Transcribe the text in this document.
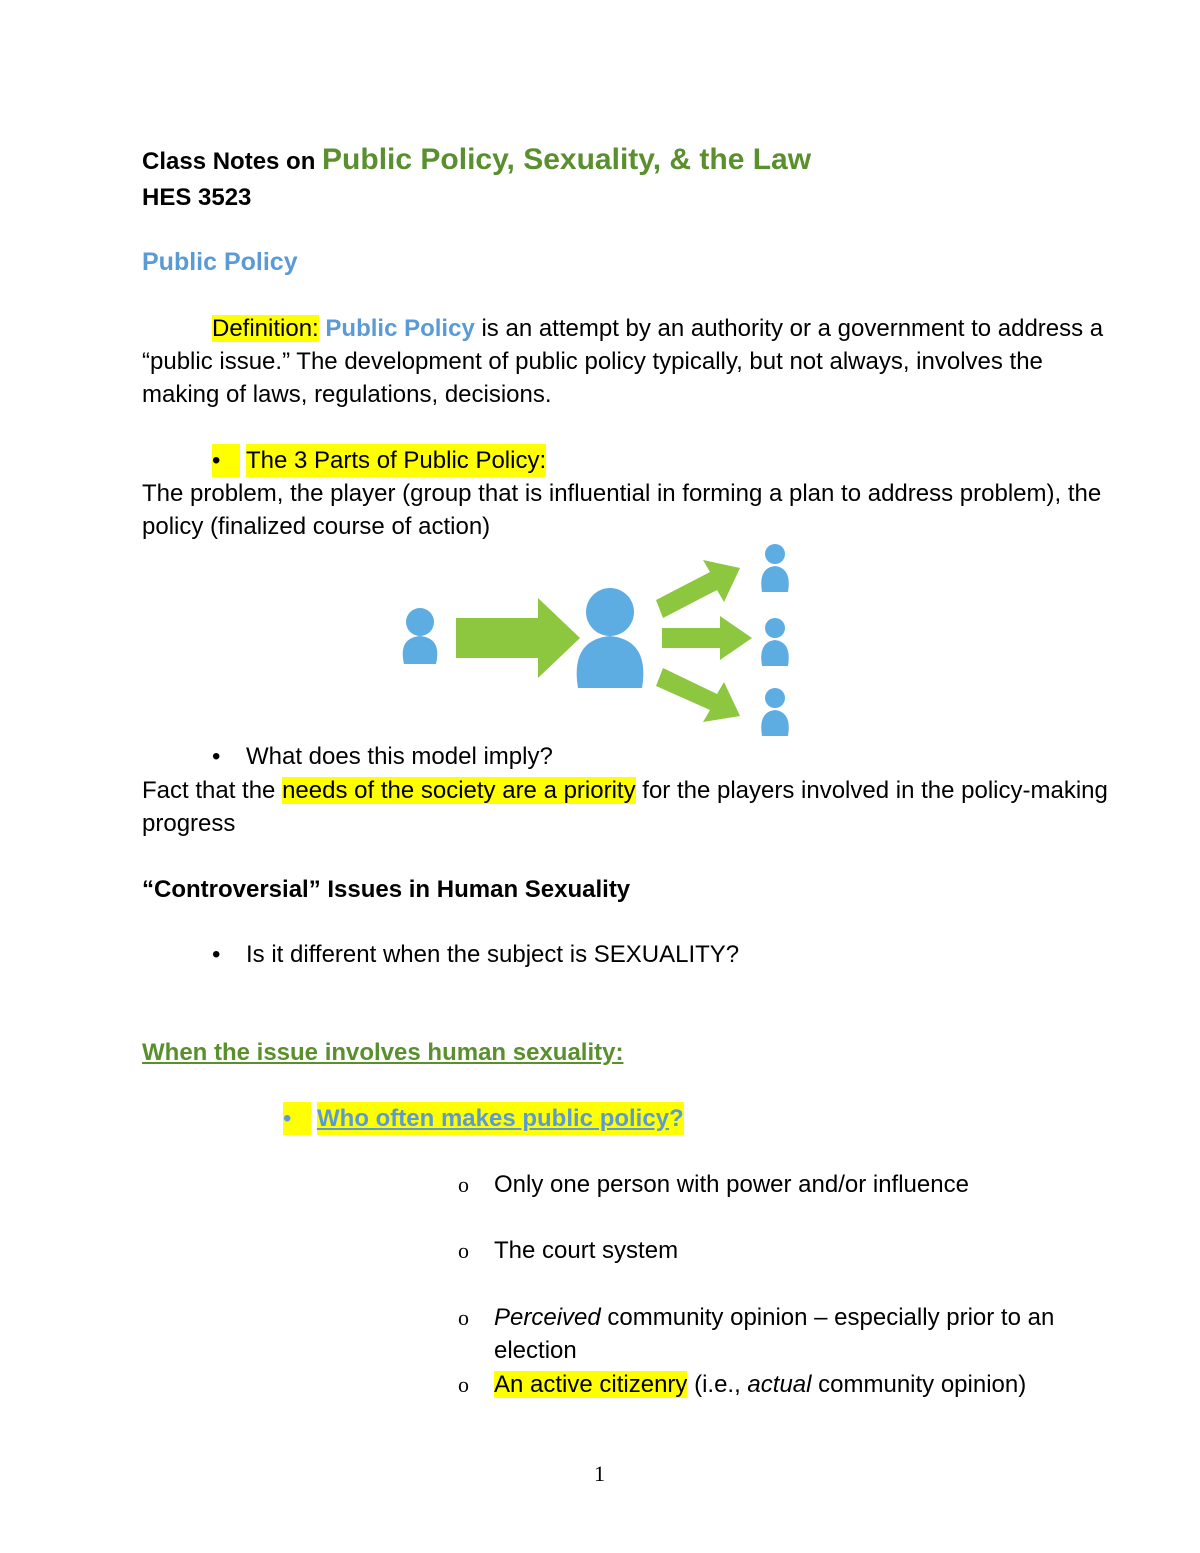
Class Notes on Public Policy, Sexuality, & the Law
HES 3523
Public Policy
Definition: Public Policy is an attempt by an authority or a government to address a
“public issue.” The development of public policy typically, but not always, involves the
making of laws, regulations, decisions.
• The 3 Parts of Public Policy:
The problem, the player (group that is influential in forming a plan to address problem), the
policy (finalized course of action)
• What does this model imply?
Fact that the needs of the society are a priority for the players involved in the policy-making
progress
“Controversial” Issues in Human Sexuality
• Is it different when the subject is SEXUALITY?
When the issue involves human sexuality:
• Who often makes public policy?
o Only one person with power and/or influence
o The court system
o Perceived community opinion – especially prior to an
election
o An active citizenry (i.e., actual community opinion)
1
